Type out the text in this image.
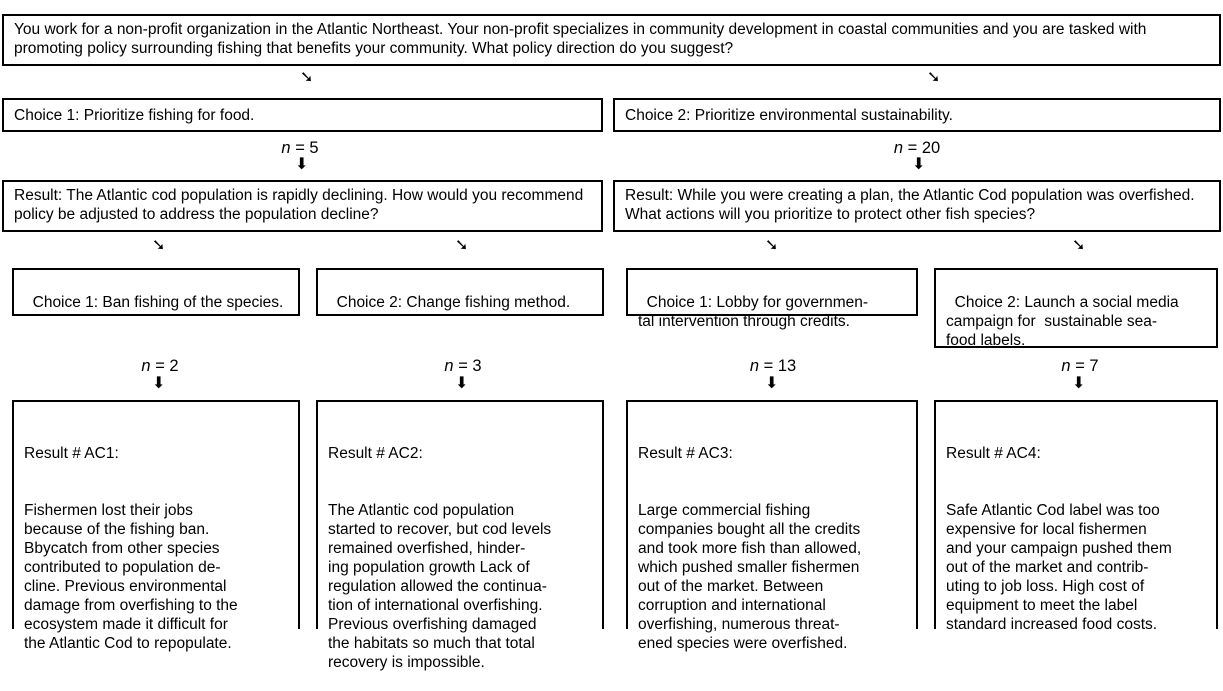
You work for a non-profit organization in the Atlantic Northeast. Your non-profit specializes in community development in coastal communities and you are tasked with promoting policy surrounding fishing that benefits your community. What policy direction do you suggest?
➘	➘
Choice 1: Prioritize fishing for food.	Choice 2: Prioritize environmental sustainability.
n = 5
⬇
n = 20
⬇
Result: The Atlantic cod population is rapidly declining. How would you recommend policy be adjusted to address the population decline?
Result: While you were creating a plan, the Atlantic Cod population was overfished. What actions will you prioritize to protect other fish species?
➘	➘	➘	➘

Choice 1: Ban fishing of the species.	Choice 2: Change fishing method.	Choice 1: Lobby for governmen-
tal intervention through credits.

Choice 2: Launch a social media
campaign for  sustainable sea-
food labels.

n = 2
⬇
n = 3
⬇
n = 13
⬇
n = 7
⬇

Result # AC1:

Fishermen lost their jobs
because of the fishing ban.
Bbycatch from other species
contributed to population de-
cline. Previous environmental
damage from overfishing to the
ecosystem made it difficult for
the Atlantic Cod to repopulate.

Result # AC2:

The Atlantic cod population
started to recover, but cod levels
remained overfished, hinder-
ing population growth Lack of
regulation allowed the continua-
tion of international overfishing.
Previous overfishing damaged
the habitats so much that total
recovery is impossible.

Result # AC3:

Large commercial fishing
companies bought all the credits
and took more fish than allowed,
which pushed smaller fishermen
out of the market. Between
corruption and international
overfishing, numerous threat-
ened species were overfished.

Result # AC4:

Safe Atlantic Cod label was too
expensive for local fishermen
and your campaign pushed them
out of the market and contrib-
uting to job loss. High cost of
equipment to meet the label
standard increased food costs.
